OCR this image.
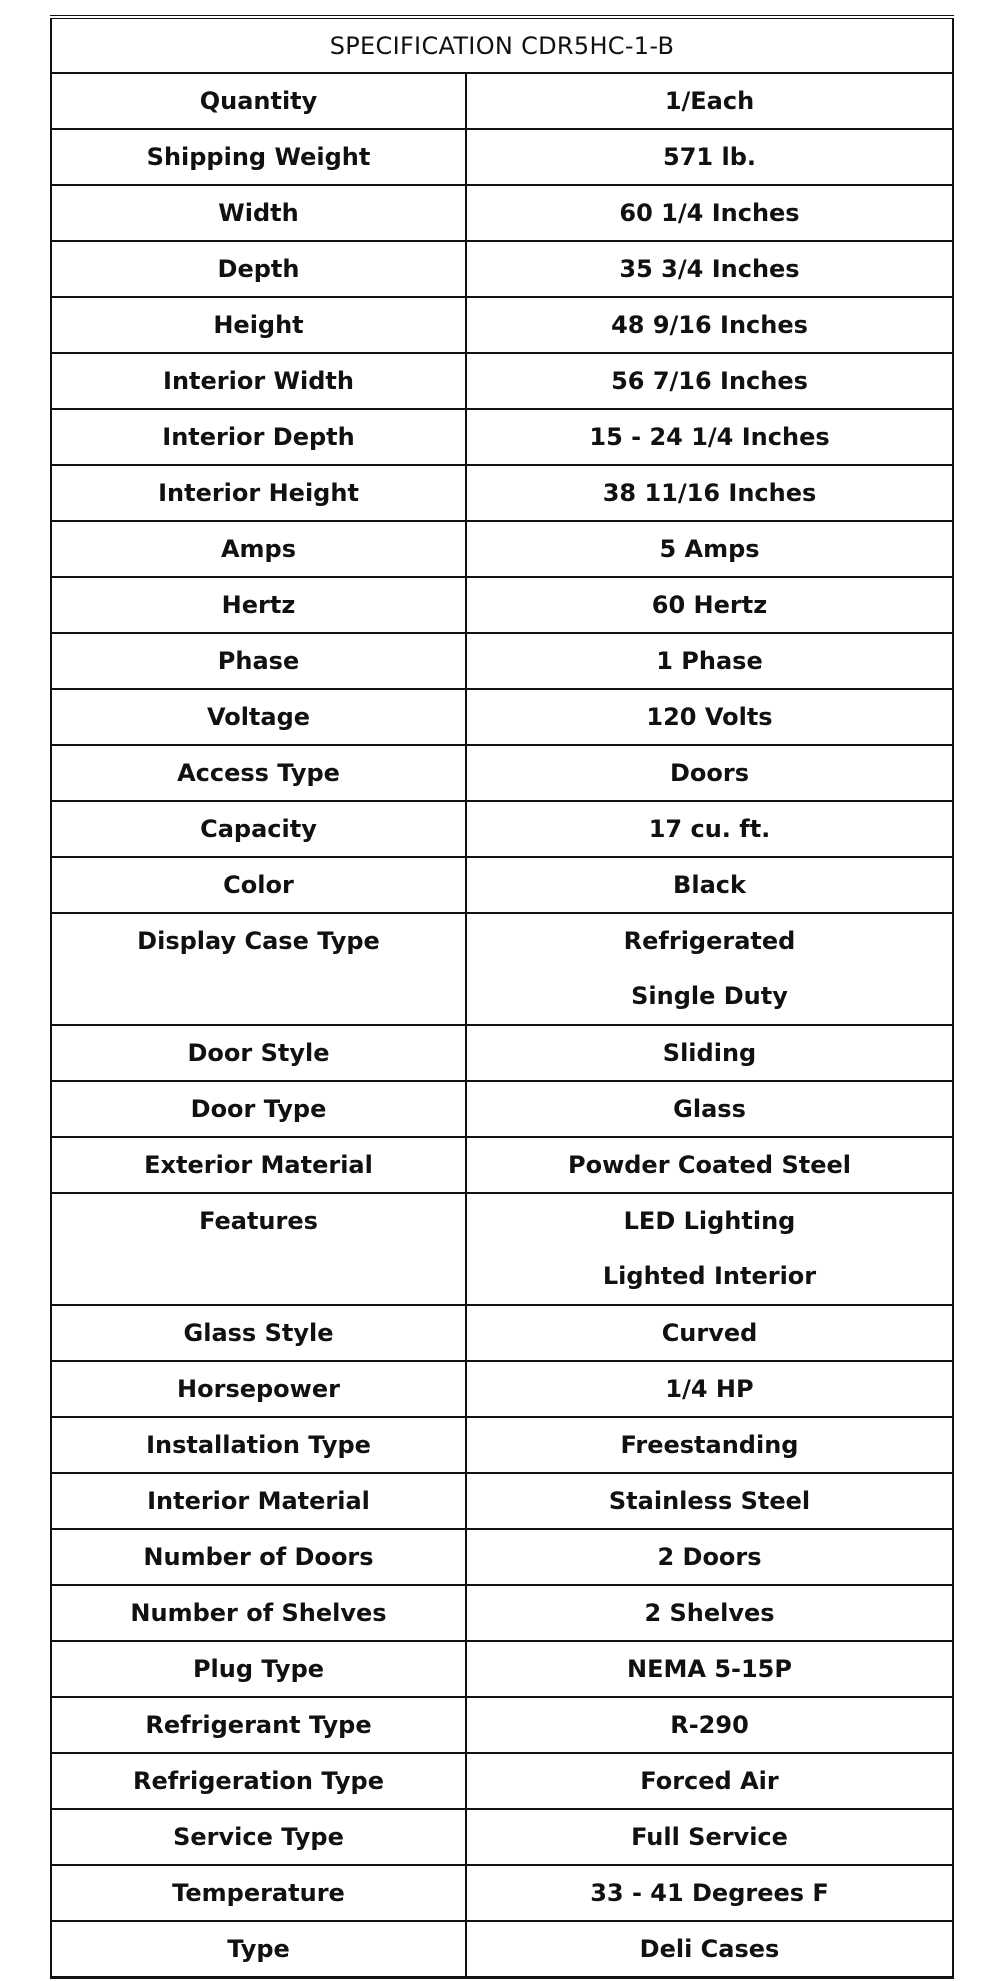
SPECIFICATION CDR5HC-1-B	
Quantity	1/Each
Shipping Weight	571 lb.
Width	60 1/4 Inches
Depth	35 3/4 Inches
Height	48 9/16 Inches
Interior Width	56 7/16 Inches
Interior Depth	15 - 24 1/4 Inches
Interior Height	38 11/16 Inches
Amps	5 Amps
Hertz	60 Hertz
Phase	1 Phase
Voltage	120 Volts
Access Type	Doors
Capacity	17 cu. ft.
Color	Black
Display Case Type	Refrigerated
Single Duty

Door Style	Sliding
Door Type	Glass
Exterior Material	Powder Coated Steel
Features	LED Lighting
Lighted Interior

Glass Style	Curved
Horsepower	1/4 HP
Installation Type	Freestanding
Interior Material	Stainless Steel
Number of Doors	2 Doors
Number of Shelves	2 Shelves
Plug Type	NEMA 5-15P
Refrigerant Type	R-290
Refrigeration Type	Forced Air
Service Type	Full Service
Temperature	33 - 41 Degrees F
Type	Deli Cases
